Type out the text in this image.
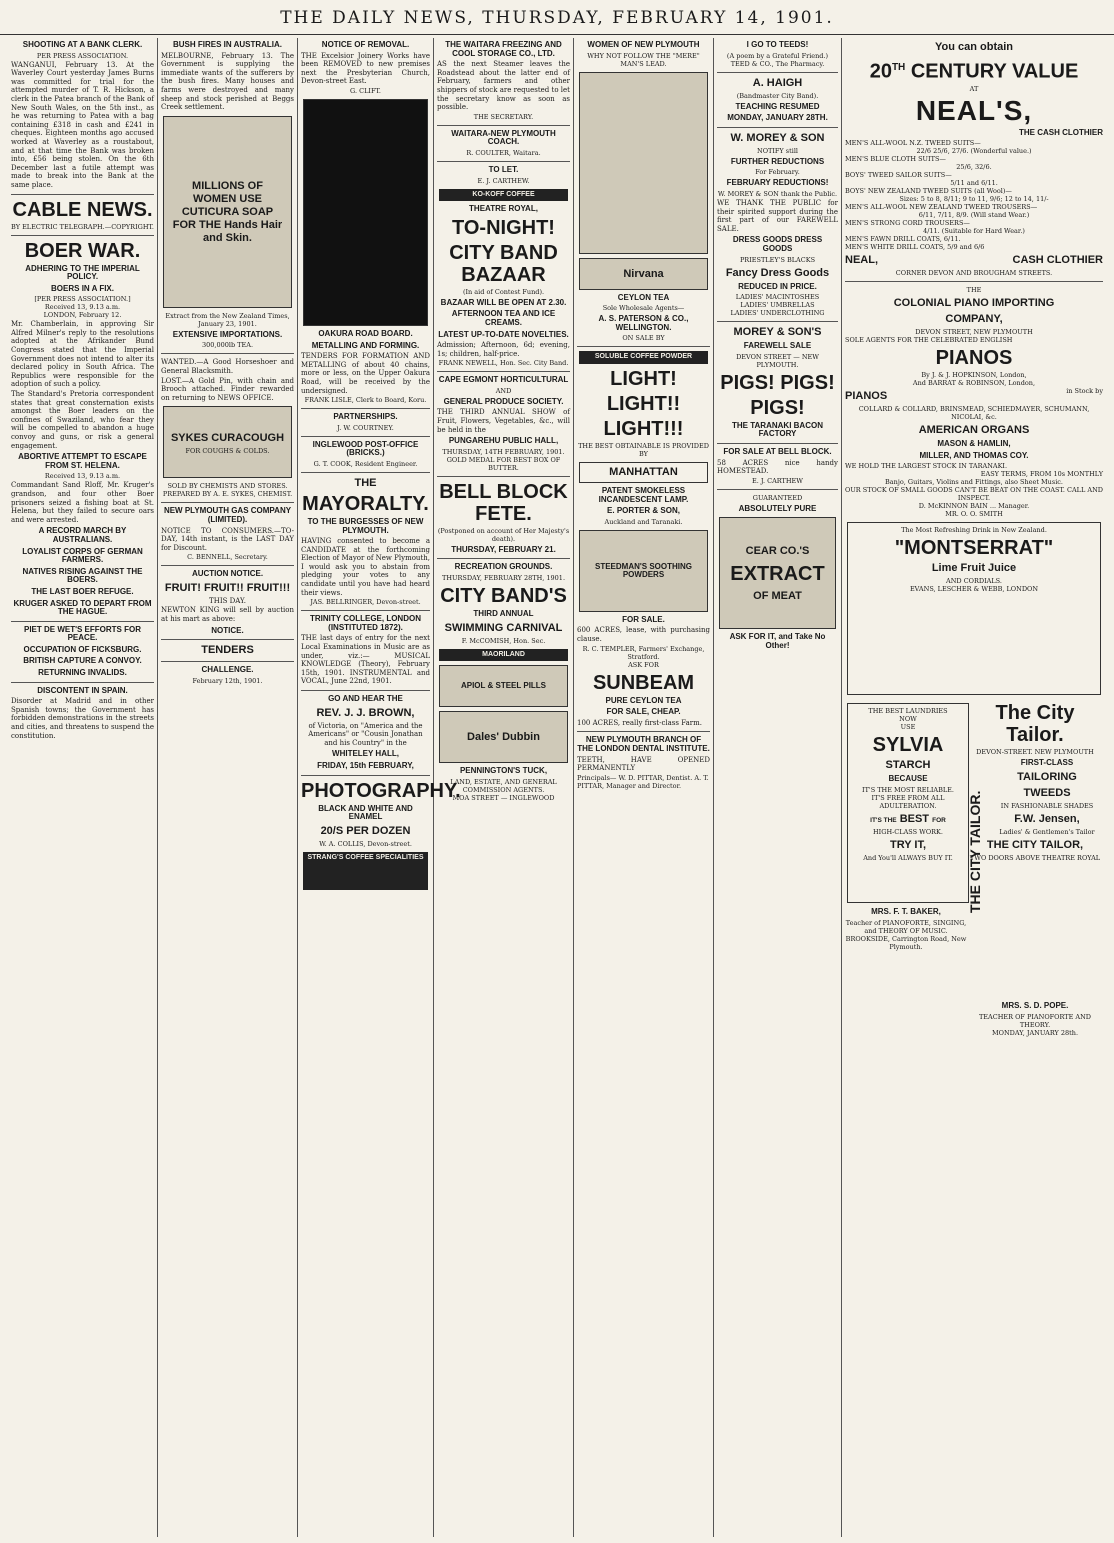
THE DAILY NEWS, THURSDAY, FEBRUARY 14, 1901.
SHOOTING AT A BANK CLERK.
PER PRESS ASSOCIATION.

WANGANUI, February 13. At the Waverley Court yesterday James Burns was committed for trial for the attempted murder of T. R. Hickson, a clerk in the Patea branch of the Bank of New South Wales, on the 5th inst., as he was returning to Patea with a bag containing £318 in cash and £241 in cheques. Eighteen months ago accused worked at Waverley as a roustabout, and at that time the Bank was broken into, £56 being stolen. On the 6th December last a futile attempt was made to break into the Bank at the same place.

CABLE NEWS.
BY ELECTRIC TELEGRAPH.—COPYRIGHT.
BOER WAR.
ADHERING TO THE IMPERIAL POLICY.
BOERS IN A FIX.
[PER PRESS ASSOCIATION.]
Received 13, 9.13 a.m.
LONDON, February 12.

Mr. Chamberlain, in approving Sir Alfred Milner's reply to the resolutions adopted at the Afrikander Bund Congress stated that the Imperial Government does not intend to alter its declared policy in South Africa. The Republics were responsible for the adoption of such a policy.

The Standard's Pretoria correspondent states that great consternation exists amongst the Boer leaders on the confines of Swaziland, who fear they will be compelled to abandon a huge convoy and guns, or risk a general engagement.

ABORTIVE ATTEMPT TO ESCAPE FROM ST. HELENA.
Received 13, 9.13 a.m.

Commandant Sand Rloff, Mr. Kruger's grandson, and four other Boer prisoners seized a fishing boat at St. Helena, but they failed to secure oars and were arrested.

A RECORD MARCH BY AUSTRALIANS.
LOYALIST CORPS OF GERMAN FARMERS.
NATIVES RISING AGAINST THE BOERS.
THE LAST BOER REFUGE.
KRUGER ASKED TO DEPART FROM THE HAGUE.
PIET DE WET'S EFFORTS FOR PEACE.
OCCUPATION OF FICKSBURG.
BRITISH CAPTURE A CONVOY.
RETURNING INVALIDS.
DISCONTENT IN SPAIN.

Disorder at Madrid and in other Spanish towns; the Government has forbidden demonstrations in the streets and cities, and threatens to suspend the constitution.

BUSH FIRES IN AUSTRALIA.

MELBOURNE, February 13. The Government is supplying the immediate wants of the sufferers by the bush fires. Many houses and farms were destroyed and many sheep and stock perished at Beggs Creek settlement.

MILLIONS OF WOMEN USE CUTICURA SOAP FOR THE Hands Hair and Skin.
Extract from the New Zealand Times, January 23, 1901.
EXTENSIVE IMPORTATIONS.
300,000lb TEA.

WANTED.—A Good Horseshoer and General Blacksmith.

LOST.—A Gold Pin, with chain and Brooch attached. Finder rewarded on returning to NEWS OFFICE.

SYKES CURACOUGH
FOR COUGHS & COLDS.
SOLD BY CHEMISTS AND STORES.
PREPARED BY A. E. SYKES, CHEMIST.
NEW PLYMOUTH GAS COMPANY (LIMITED).

NOTICE TO CONSUMERS.—TO-DAY, 14th instant, is the LAST DAY for Discount.

C. BENNELL, Secretary.
AUCTION NOTICE.
FRUIT! FRUIT!! FRUIT!!!
THIS DAY.

NEWTON KING will sell by auction at his mart as above:

NOTICE.
TENDERS
CHALLENGE.
February 12th, 1901.
NOTICE OF REMOVAL.

THE Excelsior Joinery Works have been REMOVED to new premises next the Presbyterian Church, Devon-street East.

G. CLIFT.
OAKURA ROAD BOARD.
METALLING AND FORMING.

TENDERS FOR FORMATION AND METALLING of about 40 chains, more or less, on the Upper Oakura Road, will be received by the undersigned.

FRANK LISLE, Clerk to Board, Koru.
PARTNERSHIPS.
J. W. COURTNEY.
INGLEWOOD POST-OFFICE (BRICKS.)
G. T. COOK, Resident Engineer.
THE
MAYORALTY.
TO THE BURGESSES OF NEW PLYMOUTH.

HAVING consented to become a CANDIDATE at the forthcoming Election of Mayor of New Plymouth, I would ask you to abstain from pledging your votes to any candidate until you have had heard their views.

JAS. BELLRINGER, Devon-street.
TRINITY COLLEGE, LONDON (INSTITUTED 1872).

THE last days of entry for the next Local Examinations in Music are as under, viz.:— MUSICAL KNOWLEDGE (Theory), February 15th, 1901. INSTRUMENTAL and VOCAL, June 22nd, 1901.

GO AND HEAR THE
REV. J. J. BROWN,

of Victoria, on "America and the Americans" or "Cousin Jonathan and his Country" in the

WHITELEY HALL,
FRIDAY, 15th FEBRUARY,
PHOTOGRAPHY.
BLACK AND WHITE AND ENAMEL
20/S PER DOZEN
W. A. COLLIS, Devon-street.
STRANG'S COFFEE SPECIALITIES
THE WAITARA FREEZING AND COOL STORAGE CO., LTD.

AS the next Steamer leaves the Roadstead about the latter end of February, farmers and other shippers of stock are requested to let the secretary know as soon as possible.

THE SECRETARY.
WAITARA-NEW PLYMOUTH COACH.
R. COULTER, Waitara.
TO LET.
E. J. CARTHEW.
KO-KOFF COFFEE
THEATRE ROYAL,
TO-NIGHT!
CITY BAND BAZAAR
(In aid of Contest Fund).
BAZAAR WILL BE OPEN AT 2.30.
AFTERNOON TEA AND ICE CREAMS.
LATEST UP-TO-DATE NOVELTIES.

Admission; Afternoon, 6d; evening, 1s; children, half-price.

FRANK NEWELL, Hon. Sec. City Band.
CAPE EGMONT HORTICULTURAL
AND
GENERAL PRODUCE SOCIETY.

THE THIRD ANNUAL SHOW of Fruit, Flowers, Vegetables, &c., will be held in the

PUNGAREHU PUBLIC HALL,
THURSDAY, 14TH FEBRUARY, 1901.
GOLD MEDAL FOR BEST BOX OF BUTTER.
BELL BLOCK FETE.
(Postponed on account of Her Majesty's death).
THURSDAY, FEBRUARY 21.
RECREATION GROUNDS.
THURSDAY, FEBRUARY 28TH, 1901.
CITY BAND'S
THIRD ANNUAL
SWIMMING CARNIVAL
F. McCOMISH, Hon. Sec.
MAORILAND
APIOL & STEEL PILLS
Dales' Dubbin
PENNINGTON'S TUCK,
LAND, ESTATE, AND GENERAL COMMISSION AGENTS.
MOA STREET — INGLEWOOD
WOMEN OF NEW PLYMOUTH
WHY NOT FOLLOW THE "MERE" MAN'S LEAD.
Nirvana
CEYLON TEA
Sole Wholesale Agents—
A. S. PATERSON & CO., WELLINGTON.
ON SALE BY
SOLUBLE COFFEE POWDER
LIGHT!
LIGHT!!
LIGHT!!!
THE BEST OBTAINABLE IS PROVIDED BY
MANHATTAN
PATENT SMOKELESS INCANDESCENT LAMP.
E. PORTER & SON,
Auckland and Taranaki.
STEEDMAN'S SOOTHING POWDERS
FOR SALE.

600 ACRES, lease, with purchasing clause.

R. C. TEMPLER, Farmers' Exchange, Stratford.
ASK FOR
SUNBEAM
PURE CEYLON TEA
FOR SALE, CHEAP.

100 ACRES, really first-class Farm.

NEW PLYMOUTH BRANCH OF THE LONDON DENTAL INSTITUTE.

TEETH, HAVE OPENED PERMANENTLY

Principals— W. D. PITTAR, Dentist. A. T. PITTAR, Manager and Director.
I GO TO TEEDS!
(A poem by a Grateful Friend.)
TEED & CO., The Pharmacy.
A. HAIGH
(Bandmaster City Band).
TEACHING RESUMED
MONDAY, JANUARY 28TH.
W. MOREY & SON
NOTIFY still
FURTHER REDUCTIONS
For February.
FEBRUARY REDUCTIONS!
W. MOREY & SON thank the Public.

WE THANK THE PUBLIC for their spirited support during the first part of our FAREWELL SALE.

DRESS GOODS DRESS GOODS
PRIESTLEY'S BLACKS
Fancy Dress Goods
REDUCED IN PRICE.
LADIES' MACINTOSHES
LADIES' UMBRELLAS
LADIES' UNDERCLOTHING
MOREY & SON'S
FAREWELL SALE
DEVON STREET — NEW PLYMOUTH.
PIGS! PIGS!
PIGS!
THE TARANAKI BACON FACTORY
FOR SALE AT BELL BLOCK.

58 ACRES nice handy HOMESTEAD.

E. J. CARTHEW
GUARANTEED
ABSOLUTELY PURE
CEAR CO.'S
EXTRACT
OF MEAT
ASK FOR IT, and Take No Other!
You can obtain
20TH CENTURY VALUE
AT
NEAL'S,
THE CASH CLOTHIER
MEN'S ALL-WOOL N.Z. TWEED SUITS—
22/6 25/6, 27/6. (Wonderful value.)
MEN'S BLUE CLOTH SUITS—
25/6, 32/6.
BOYS' TWEED SAILOR SUITS—
5/11 and 6/11.
BOYS' NEW ZEALAND TWEED SUITS (all Wool)—
Sizes: 5 to 8, 8/11; 9 to 11, 9/6; 12 to 14, 11/-
MEN'S ALL-WOOL NEW ZEALAND TWEED TROUSERS—
6/11, 7/11, 8/9. (Will stand Wear.)
MEN'S STRONG CORD TROUSERS—
4/11. (Suitable for Hard Wear.)
MEN'S FAWN DRILL COATS, 6/11.
MEN'S WHITE DRILL COATS, 5/9 and 6/6
NEAL,	CASH CLOTHIER
CORNER DEVON AND BROUGHAM STREETS.
THE
COLONIAL PIANO IMPORTING
COMPANY,
DEVON STREET, NEW PLYMOUTH
SOLE AGENTS FOR THE CELEBRATED ENGLISH
PIANOS
By J. & J. HOPKINSON, London,
And BARRAT & ROBINSON, London,
PIANOS	in Stock by
COLLARD & COLLARD, BRINSMEAD, SCHIEDMAYER, SCHUMANN, NICOLAI, &c.
AMERICAN ORGANS
MASON & HAMLIN,
MILLER, AND THOMAS COY.
WE HOLD THE LARGEST STOCK IN TARANAKI.
EASY TERMS, FROM 10s MONTHLY
Banjo, Guitars, Violins and Fittings, also Sheet Music.
OUR STOCK OF SMALL GOODS CAN'T BE BEAT ON THE COAST. CALL AND INSPECT.
D. McKINNON BAIN ... Manager.
MR. O. O. SMITH
The Most Refreshing Drink in New Zealand.
"MONTSERRAT"
Lime Fruit Juice
AND CORDIALS.
EVANS, LESCHER & WEBB, LONDON
THE BEST LAUNDRIES
NOW
USE
SYLVIA
STARCH
BECAUSE
IT'S THE MOST RELIABLE.
IT'S FREE FROM ALL ADULTERATION.
IT'S THE BEST FOR
HIGH-CLASS WORK.
TRY IT,
And You'll ALWAYS BUY IT.
The City Tailor.
DEVON-STREET. NEW PLYMOUTH
FIRST-CLASS
TAILORING
TWEEDS
IN FASHIONABLE SHADES
F.W. Jensen,
Ladies' & Gentlemen's Tailor
THE CITY TAILOR,
TWO DOORS ABOVE THEATRE ROYAL
THE CITY TAILOR.
MRS. F. T. BAKER,
Teacher of PIANOFORTE, SINGING, and THEORY OF MUSIC.
BROOKSIDE, Carrington Road, New Plymouth.
MRS. S. D. POPE.
TEACHER OF PIANOFORTE AND THEORY.
MONDAY, JANUARY 28th.
